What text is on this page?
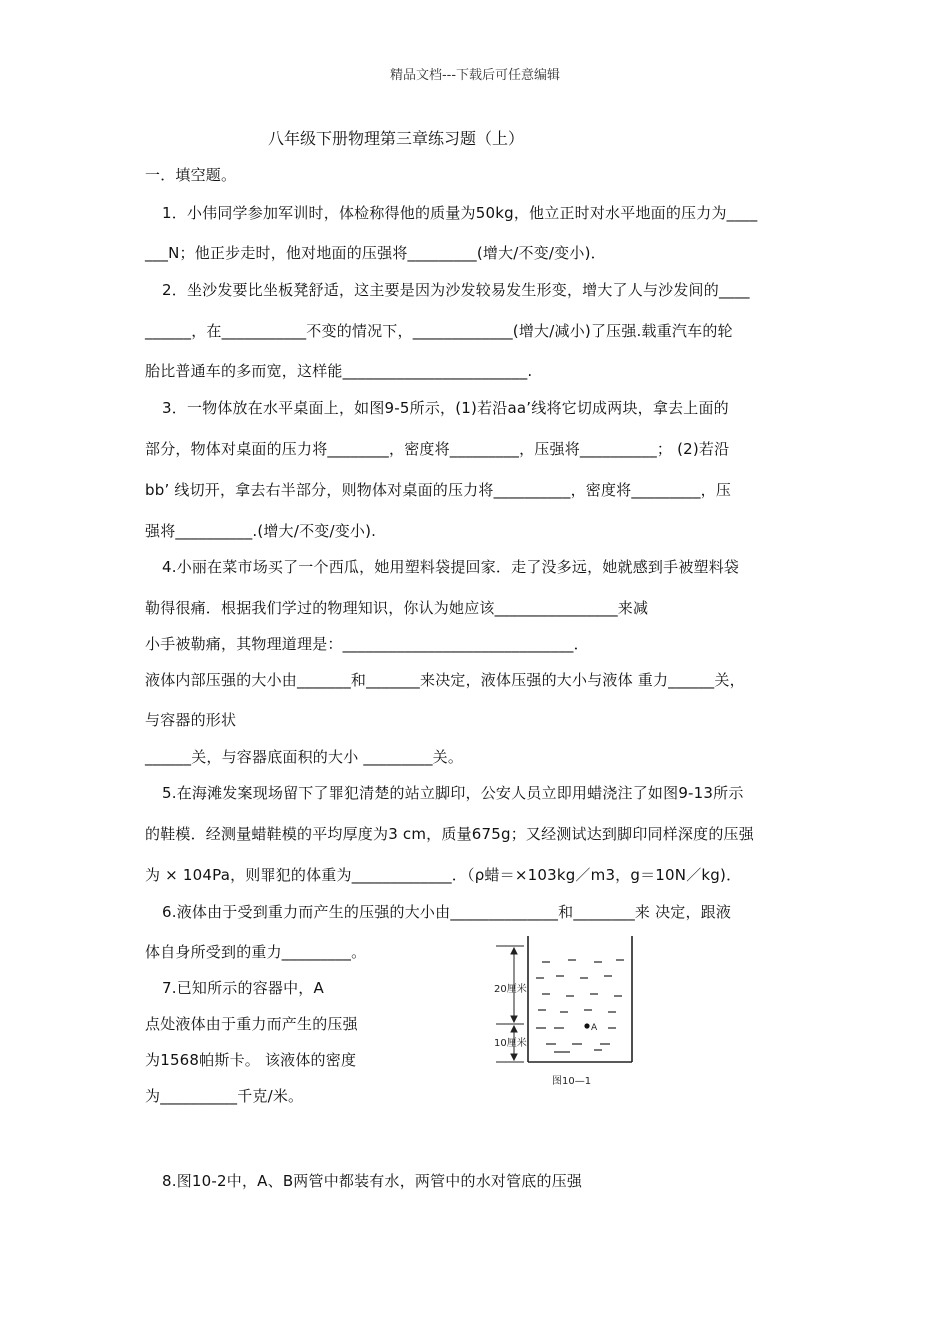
精品文档---下载后可任意编辑
八年级下册物理第三章练习题（上）
一．填空题。
1．小伟同学参加军训时，体检称得他的质量为50kg，他立正时对水平地面的压力为____
___N；他正步走时，他对地面的压强将_________(增大/不变/变小)．
2．坐沙发要比坐板凳舒适，这主要是因为沙发较易发生形变，增大了人与沙发间的____
______，在___________不变的情况下，_____________(增大/减小)了压强.载重汽车的轮
胎比普通车的多而宽，这样能________________________.
3．一物体放在水平桌面上，如图9-5所示，(1)若沿aa’线将它切成两块，拿去上面的
部分，物体对桌面的压力将________，密度将_________，压强将__________； (2)若沿
bb’ 线切开，拿去右半部分，则物体对桌面的压力将__________，密度将_________，压
强将__________.(增大/不变/变小).
4.小丽在菜市场买了一个西瓜，她用塑料袋提回家．走了没多远，她就感到手被塑料袋
勒得很痛．根据我们学过的物理知识，你认为她应该________________来减
小手被勒痛，其物理道理是：______________________________．
液体内部压强的大小由_______和_______来决定，液体压强的大小与液体 重力______关，
与容器的形状
______关，与容器底面积的大小 _________关。
5.在海滩发案现场留下了罪犯清楚的站立脚印，公安人员立即用蜡浇注了如图9-13所示
的鞋模．经测量蜡鞋模的平均厚度为3 cm，质量675g；又经测试达到脚印同样深度的压强
为 × 104Pa，则罪犯的体重为_____________．（ρ蜡＝×103kg／m3，g＝10N／kg)．
6.液体由于受到重力而产生的压强的大小由______________和________来 决定，跟液
体自身所受到的重力_________。
7.已知所示的容器中，A
点处液体由于重力而产生的压强
为1568帕斯卡。 该液体的密度
为__________千克/米。
8.图10-2中，A、B两管中都装有水，两管中的水对管底的压强
20厘米
10厘米
A
图10—1
